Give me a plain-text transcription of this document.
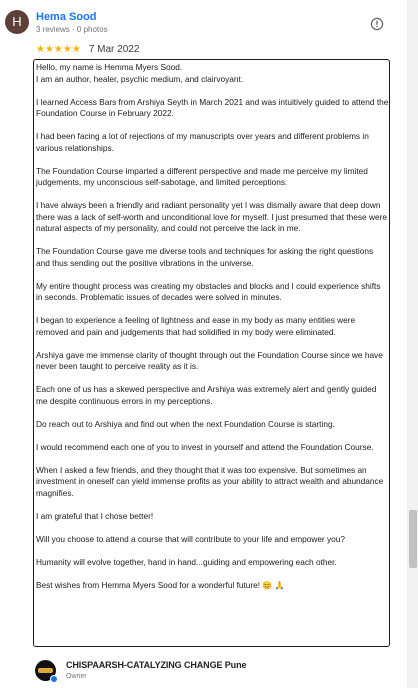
H	Hema Sood
3 reviews · 0 photos
★★★★★ 7 Mar 2022

Hello, my name is Hemma Myers Sood.
I am an author, healer, psychic medium, and clairvoyant.

I learned Access Bars from Arshiya Seyth in March 2021 and was intuitively guided to attend the Foundation Course in February 2022.

I had been facing a lot of rejections of my manuscripts over years and different problems in various relationships.

The Foundation Course imparted a different perspective and made me perceive my limited judgements, my unconscious self-sabotage, and limited perceptions.

I have always been a friendly and radiant personality yet I was dismally aware that deep down there was a lack of self-worth and unconditional love for myself. I just presumed that these were natural aspects of my personality, and could not perceive the lack in me.

The Foundation Course gave me diverse tools and techniques for asking the right questions and thus sending out the positive vibrations in the universe.

My entire thought process was creating my obstacles and blocks and I could experience shifts in seconds. Problematic issues of decades were solved in minutes.

I began to experience a feeling of lightness and ease in my body as many entities were removed and pain and judgements that had solidified in my body were eliminated.

Arshiya gave me immense clarity of thought through out the Foundation Course since we have never been taught to perceive reality as it is.

Each one of us has a skewed perspective and Arshiya was extremely alert and gently guided me despite continuous errors in my perceptions.

Do reach out to Arshiya and find out when the next Foundation Course is starting.

I would recommend each one of you to invest in yourself and attend the Foundation Course.

When I asked a few friends, and they thought that it was too expensive. But sometimes an investment in oneself can yield immense profits as your ability to attract wealth and abundance magnifies.

I am grateful that I chose better!

Will you choose to attend a course that will contribute to your life and empower you?

Humanity will evolve together, hand in hand...guiding and empowering each other.

Best wishes from Hemma Myers Sood for a wonderful future! 😊 🙏

CHISPAARSH-CATALYZING CHANGE Pune
Owner
